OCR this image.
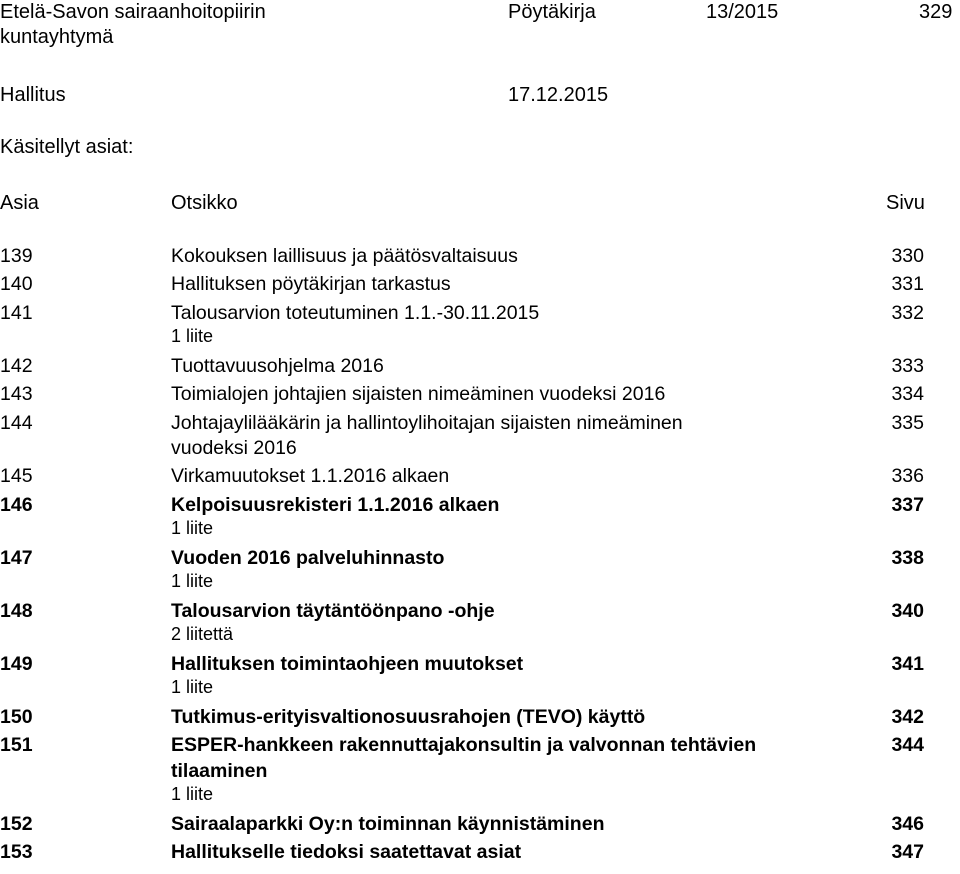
Etelä-Savon sairaanhoitopiirin
kuntayhtymä
Pöytäkirja	13/2015	329
Hallitus	17.12.2015
Käsitellyt asiat:
Asia	Otsikko	Sivu
139	Kokouksen laillisuus ja päätösvaltaisuus	330
140	Hallituksen pöytäkirjan tarkastus	331
141	Talousarvion toteutuminen 1.1.-30.11.2015	332
1 liite
142	Tuottavuusohjelma 2016	333
143	Toimialojen johtajien sijaisten nimeäminen vuodeksi 2016	334
144	Johtajaylilääkärin ja hallintoylihoitajan sijaisten nimeäminen	335
vuodeksi 2016
145	Virkamuutokset 1.1.2016 alkaen	336
146	Kelpoisuusrekisteri 1.1.2016 alkaen	337
1 liite
147	Vuoden 2016 palveluhinnasto	338
1 liite
148	Talousarvion täytäntöönpano -ohje	340
2 liitettä
149	Hallituksen toimintaohjeen muutokset	341
1 liite
150	Tutkimus-erityisvaltionosuusrahojen (TEVO) käyttö	342
151	ESPER-hankkeen rakennuttajakonsultin ja valvonnan tehtävien	344
tilaaminen
1 liite
152	Sairaalaparkki Oy:n toiminnan käynnistäminen	346
153	Hallitukselle tiedoksi saatettavat asiat	347
